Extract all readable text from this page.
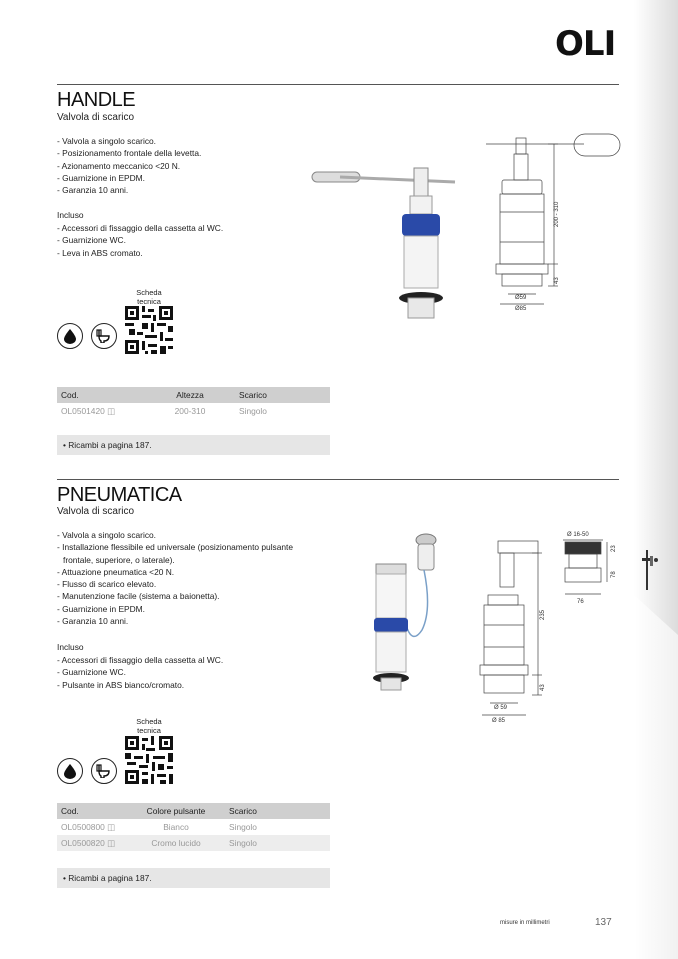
OLI
HANDLE
Valvola di scarico
- Valvola a singolo scarico.
- Posizionamento frontale della levetta.
- Azionamento meccanico <20 N.
- Guarnizione in EPDM.
- Garanzia 10 anni.
Incluso
- Accessori di fissaggio della cassetta al WC.
- Guarnizione WC.
- Leva in ABS cromato.
Scheda
tecnica
Cod.	Altezza	Scarico
OL0501420 ◫	200-310	Singolo
• Ricambi a pagina 187.
200 - 310
43
Ø59
Ø85
PNEUMATICA
Valvola di scarico
- Valvola a singolo scarico.
- Installazione flessibile ed universale (posizionamento pulsante
frontale, superiore, o laterale).
- Attuazione pneumatica <20 N.
- Flusso di scarico elevato.
- Manutenzione facile (sistema a baionetta).
- Guarnizione in EPDM.
- Garanzia 10 anni.
Incluso
- Accessori di fissaggio della cassetta al WC.
- Guarnizione WC.
- Pulsante in ABS bianco/cromato.
Scheda
tecnica
Cod.	Colore pulsante	Scarico
OL0500800 ◫	Bianco	Singolo
OL0500820 ◫	Cromo lucido	Singolo
• Ricambi a pagina 187.
235
43
Ø 59
Ø 85
Ø 16-50
23
78
76
misure in millimetri	137
